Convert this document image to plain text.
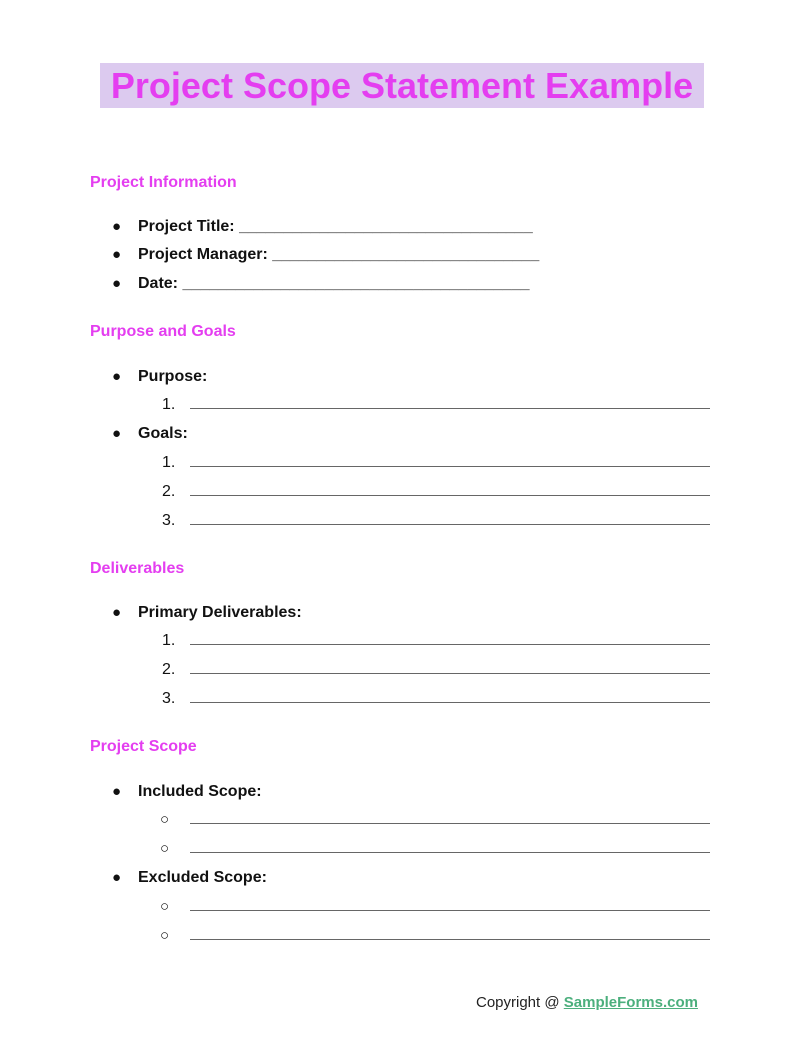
Project Scope Statement Example
Project Information
● Project Title: _________________________________
● Project Manager: ______________________________
● Date: _______________________________________
Purpose and Goals
● Purpose:
1.
● Goals:
1.
2.
3.
Deliverables
● Primary Deliverables:
1.
2.
3.
Project Scope
● Included Scope:
○
○
● Excluded Scope:
○
○
Copyright @ SampleForms.com
